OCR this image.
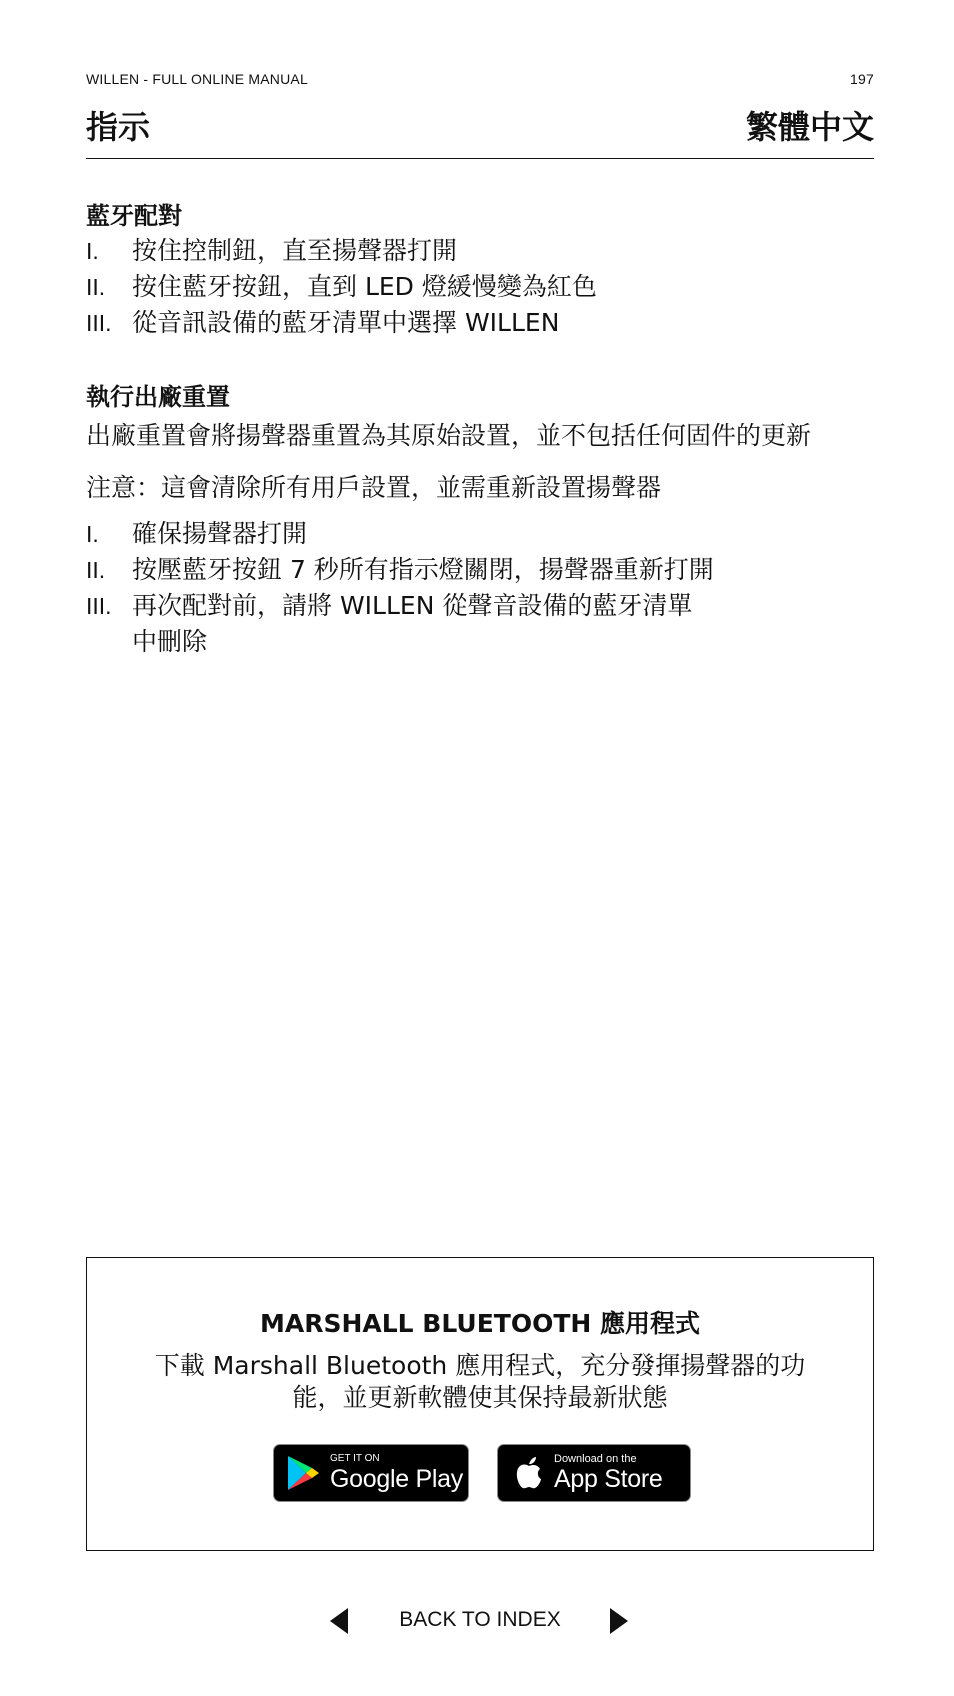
WILLEN - FULL ONLINE MANUAL	197
指示	繁體中文
藍牙配對
I.	按住控制鈕，直至揚聲器打開
II.	按住藍牙按鈕，直到 LED 燈緩慢變為紅色
III. 從音訊設備的藍牙清單中選擇 WILLEN
執行出廠重置
出廠重置會將揚聲器重置為其原始設置，並不包括任何固件的更新
注意：這會清除所有用戶設置，並需重新設置揚聲器
I.	確保揚聲器打開
II.	按壓藍牙按鈕 7 秒所有指示燈關閉，揚聲器重新打開
III. 再次配對前，請將 WILLEN 從聲音設備的藍牙清單
中刪除
MARSHALL BLUETOOTH 應用程式
下載 Marshall Bluetooth 應用程式，充分發揮揚聲器的功
能，並更新軟體使其保持最新狀態
GET IT ON
Google Play
Download on the
App Store
BACK TO INDEX
